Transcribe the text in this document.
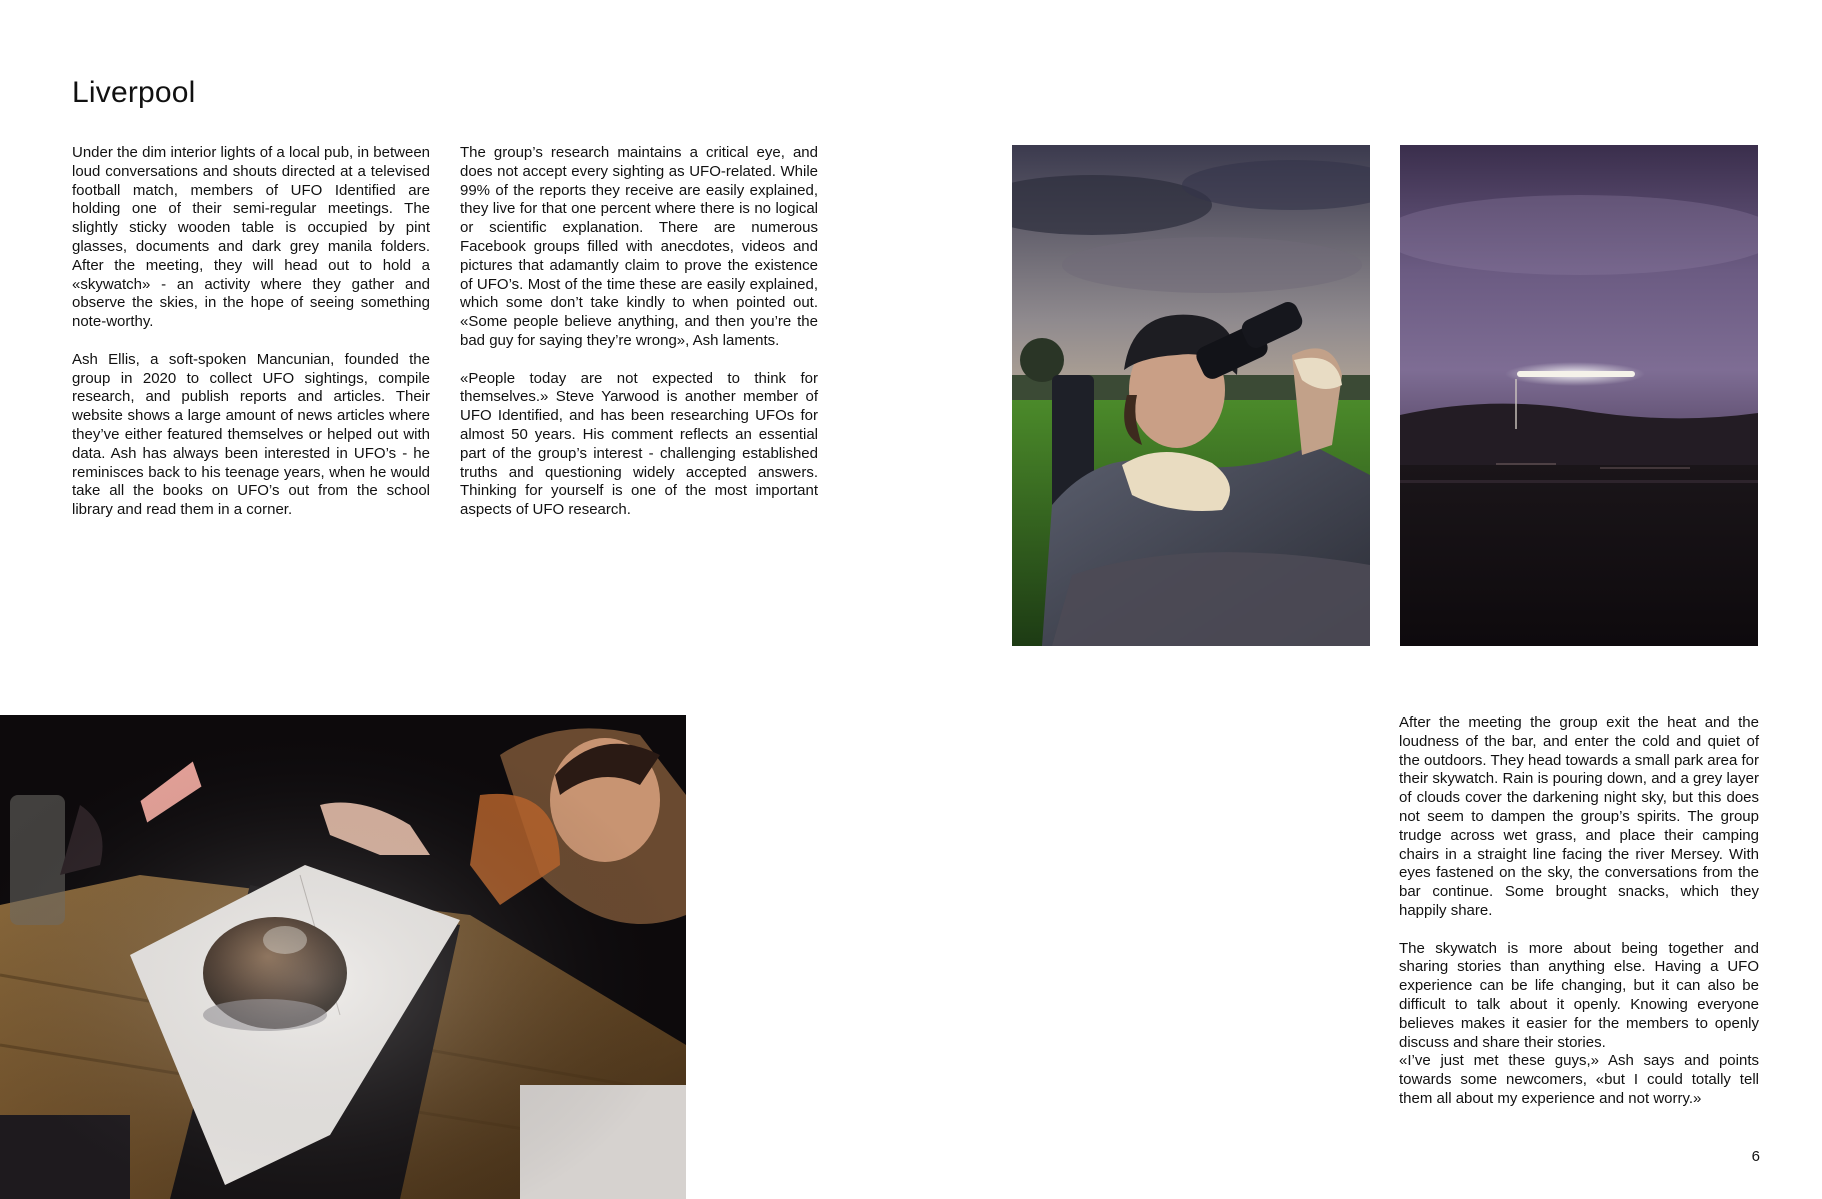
Liverpool

Under the dim interior lights of a local pub, in between loud conversations and shouts directed at a televised football match, members of UFO Identified are holding one of their semi-regular meetings. The slightly sticky wooden table is occupied by pint glasses, documents and dark grey manila folders. After the meeting, they will head out to hold a «skywatch» - an activity where they gather and observe the skies, in the hope of seeing something note-worthy.

Ash Ellis, a soft-spoken Mancunian, founded the group in 2020 to collect UFO sightings, compile research, and publish reports and articles. Their website shows a large amount of news articles where they’ve either featured themselves or helped out with data. Ash has always been interested in UFO’s - he reminisces back to his teenage years, when he would take all the books on UFO’s out from the school library and read them in a corner.

The group’s research maintains a critical eye, and does not accept every sighting as UFO-related. While 99% of the reports they receive are easily explained, they live for that one percent where there is no logical or scientific explanation. There are numerous Facebook groups filled with anecdotes, videos and pictures that adamantly claim to prove the existence of UFO’s. Most of the time these are easily explained, which some don’t take kindly to when pointed out. «Some people believe anything, and then you’re the bad guy for saying they’re wrong», Ash laments.

«People today are not expected to think for themselves.» Steve Yarwood is another member of UFO Identified, and has been researching UFOs for almost 50 years. His comment reflects an essential part of the group’s interest - challenging established truths and questioning widely accepted answers. Thinking for yourself is one of the most important aspects of UFO research.

After the meeting the group exit the heat and the loudness of the bar, and enter the cold and quiet of the outdoors. They head towards a small park area for their skywatch. Rain is pouring down, and a grey layer of clouds cover the darkening night sky, but this does not seem to dampen the group’s spirits. The group trudge across wet grass, and place their camping chairs in a straight line facing the river Mersey. With eyes fastened on the sky, the conversations from the bar continue. Some brought snacks, which they happily share.

The skywatch is more about being together and sharing stories than anything else. Having a UFO experience can be life changing, but it can also be difficult to talk about it openly. Knowing everyone believes makes it easier for the members to openly discuss and share their stories.

«I’ve just met these guys,» Ash says and points towards some newcomers, «but I could totally tell them all about my experience and not worry.»

6
